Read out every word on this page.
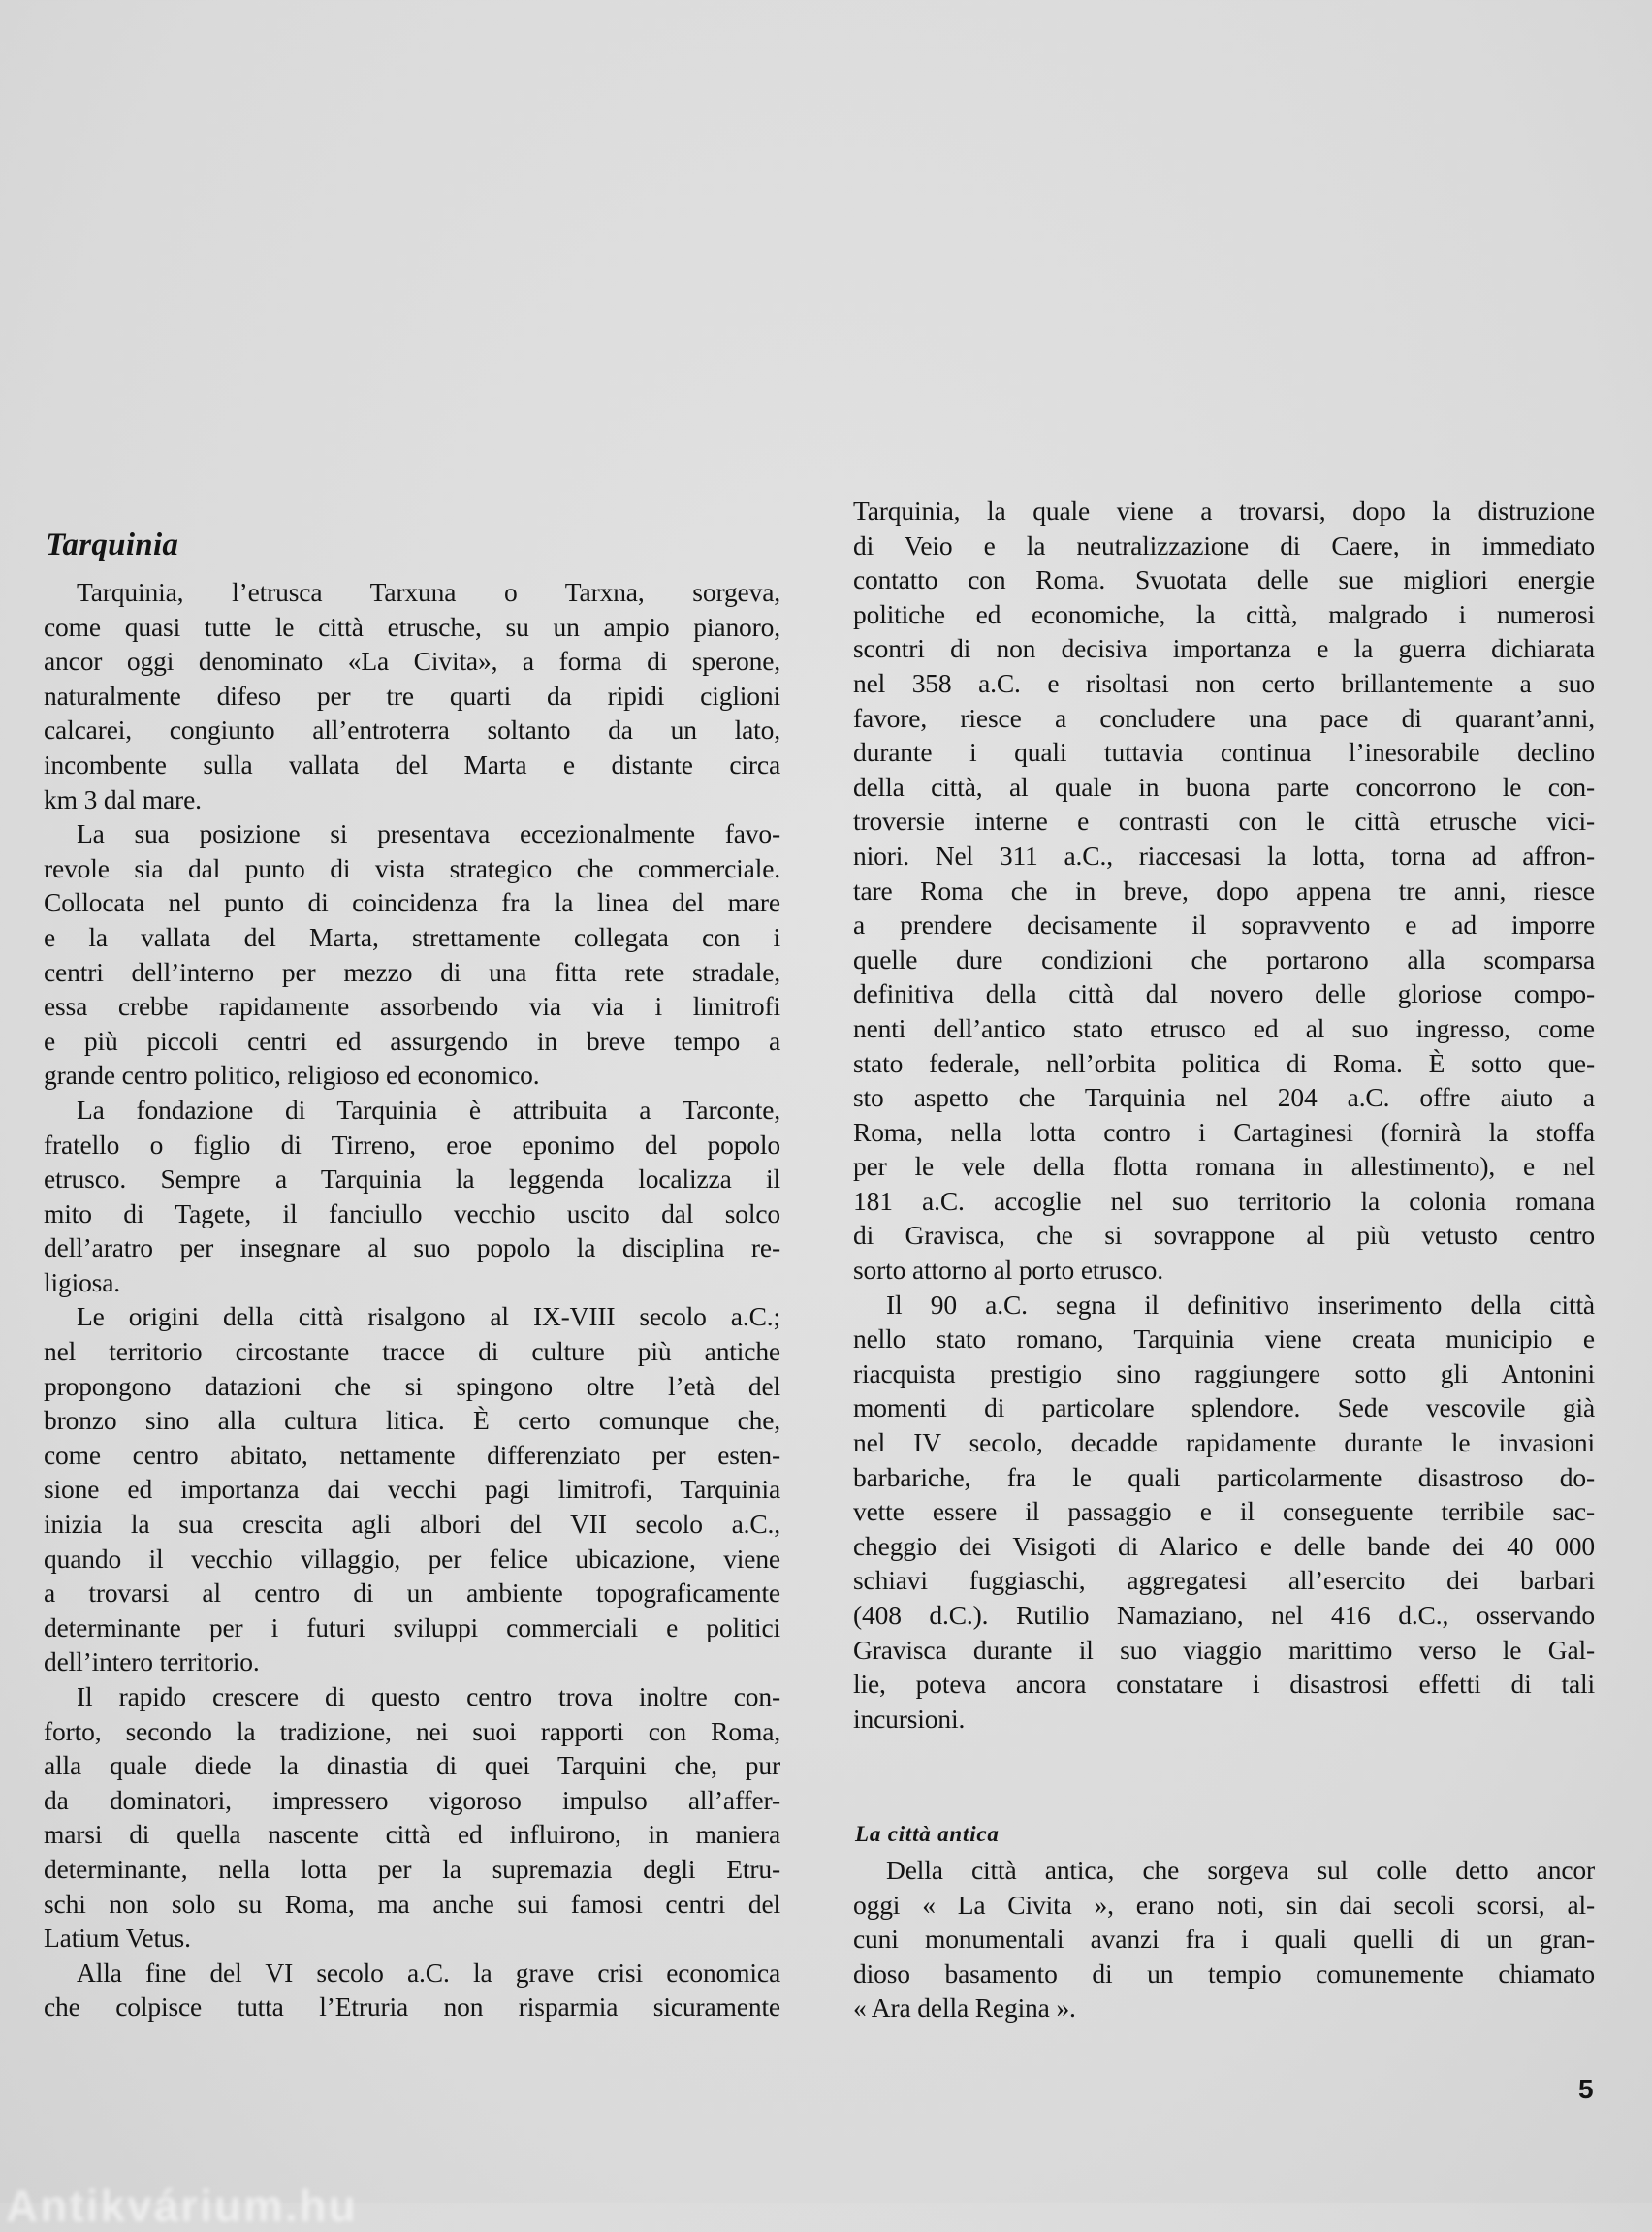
Tarquinia
Tarquinia, l’etrusca Tarxuna o Tarxna, sorgeva,
come quasi tutte le città etrusche, su un ampio pianoro,
ancor oggi denominato «La Civita», a forma di sperone,
naturalmente difeso per tre quarti da ripidi ciglioni
calcarei, congiunto all’entroterra soltanto da un lato,
incombente sulla vallata del Marta e distante circa
km 3 dal mare.
La sua posizione si presentava eccezionalmente favo-
revole sia dal punto di vista strategico che commerciale.
Collocata nel punto di coincidenza fra la linea del mare
e la vallata del Marta, strettamente collegata con i
centri dell’interno per mezzo di una fitta rete stradale,
essa crebbe rapidamente assorbendo via via i limitrofi
e più piccoli centri ed assurgendo in breve tempo a
grande centro politico, religioso ed economico.
La fondazione di Tarquinia è attribuita a Tarconte,
fratello o figlio di Tirreno, eroe eponimo del popolo
etrusco. Sempre a Tarquinia la leggenda localizza il
mito di Tagete, il fanciullo vecchio uscito dal solco
dell’aratro per insegnare al suo popolo la disciplina re-
ligiosa.
Le origini della città risalgono al IX-VIII secolo a.C.;
nel territorio circostante tracce di culture più antiche
propongono datazioni che si spingono oltre l’età del
bronzo sino alla cultura litica. È certo comunque che,
come centro abitato, nettamente differenziato per esten-
sione ed importanza dai vecchi pagi limitrofi, Tarquinia
inizia la sua crescita agli albori del VII secolo a.C.,
quando il vecchio villaggio, per felice ubicazione, viene
a trovarsi al centro di un ambiente topograficamente
determinante per i futuri sviluppi commerciali e politici
dell’intero territorio.
Il rapido crescere di questo centro trova inoltre con-
forto, secondo la tradizione, nei suoi rapporti con Roma,
alla quale diede la dinastia di quei Tarquini che, pur
da dominatori, impressero vigoroso impulso all’affer-
marsi di quella nascente città ed influirono, in maniera
determinante, nella lotta per la supremazia degli Etru-
schi non solo su Roma, ma anche sui famosi centri del
Latium Vetus.
Alla fine del VI secolo a.C. la grave crisi economica
che colpisce tutta l’Etruria non risparmia sicuramente
Tarquinia, la quale viene a trovarsi, dopo la distruzione
di Veio e la neutralizzazione di Caere, in immediato
contatto con Roma. Svuotata delle sue migliori energie
politiche ed economiche, la città, malgrado i numerosi
scontri di non decisiva importanza e la guerra dichiarata
nel 358 a.C. e risoltasi non certo brillantemente a suo
favore, riesce a concludere una pace di quarant’anni,
durante i quali tuttavia continua l’inesorabile declino
della città, al quale in buona parte concorrono le con-
troversie interne e contrasti con le città etrusche vici-
niori. Nel 311 a.C., riaccesasi la lotta, torna ad affron-
tare Roma che in breve, dopo appena tre anni, riesce
a prendere decisamente il sopravvento e ad imporre
quelle dure condizioni che portarono alla scomparsa
definitiva della città dal novero delle gloriose compo-
nenti dell’antico stato etrusco ed al suo ingresso, come
stato federale, nell’orbita politica di Roma. È sotto que-
sto aspetto che Tarquinia nel 204 a.C. offre aiuto a
Roma, nella lotta contro i Cartaginesi (fornirà la stoffa
per le vele della flotta romana in allestimento), e nel
181 a.C. accoglie nel suo territorio la colonia romana
di Gravisca, che si sovrappone al più vetusto centro
sorto attorno al porto etrusco.
Il 90 a.C. segna il definitivo inserimento della città
nello stato romano, Tarquinia viene creata municipio e
riacquista prestigio sino raggiungere sotto gli Antonini
momenti di particolare splendore. Sede vescovile già
nel IV secolo, decadde rapidamente durante le invasioni
barbariche, fra le quali particolarmente disastroso do-
vette essere il passaggio e il conseguente terribile sac-
cheggio dei Visigoti di Alarico e delle bande dei 40 000
schiavi fuggiaschi, aggregatesi all’esercito dei barbari
(408 d.C.). Rutilio Namaziano, nel 416 d.C., osservando
Gravisca durante il suo viaggio marittimo verso le Gal-
lie, poteva ancora constatare i disastrosi effetti di tali
incursioni.
La città antica
Della città antica, che sorgeva sul colle detto ancor
oggi « La Civita », erano noti, sin dai secoli scorsi, al-
cuni monumentali avanzi fra i quali quelli di un gran-
dioso basamento di un tempio comunemente chiamato
« Ara della Regina ».
5
Antikvárium.hu
